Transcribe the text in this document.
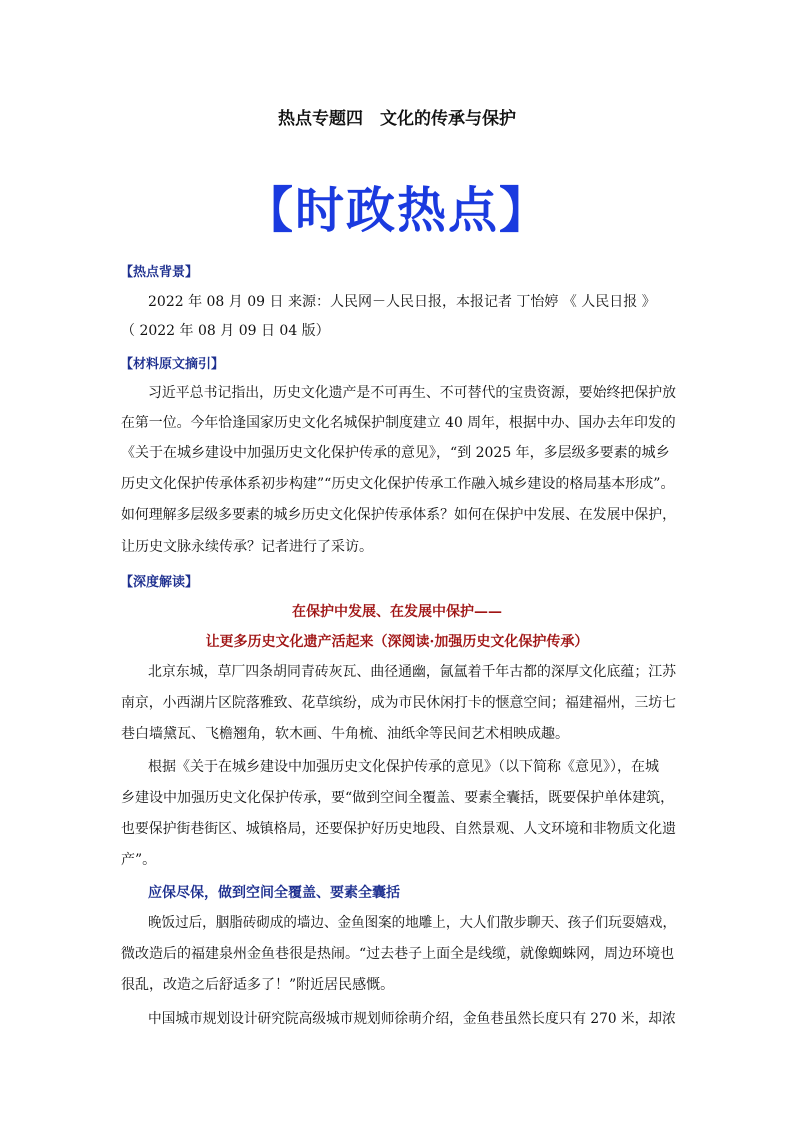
热点专题四　文化的传承与保护
【时政热点】
【热点背景】
2022 年 08 月 09 日 来源：人民网－人民日报，本报记者 丁怡婷 《 人民日报 》
（ 2022 年 08 月 09 日 04 版）
【材料原文摘引】
习近平总书记指出，历史文化遗产是不可再生、不可替代的宝贵资源，要始终把保护放
在第一位。今年恰逢国家历史文化名城保护制度建立 40 周年，根据中办、国办去年印发的
《关于在城乡建设中加强历史文化保护传承的意见》，“到 2025 年，多层级多要素的城乡
历史文化保护传承体系初步构建”“历史文化保护传承工作融入城乡建设的格局基本形成”。
如何理解多层级多要素的城乡历史文化保护传承体系？如何在保护中发展、在发展中保护，
让历史文脉永续传承？记者进行了采访。
【深度解读】
在保护中发展、在发展中保护——
让更多历史文化遗产活起来（深阅读·加强历史文化保护传承）
北京东城，草厂四条胡同青砖灰瓦、曲径通幽，氤氲着千年古都的深厚文化底蕴；江苏
南京，小西湖片区院落雅致、花草缤纷，成为市民休闲打卡的惬意空间；福建福州，三坊七
巷白墙黛瓦、飞檐翘角，软木画、牛角梳、油纸伞等民间艺术相映成趣。
根据《关于在城乡建设中加强历史文化保护传承的意见》（以下简称《意见》），在城
乡建设中加强历史文化保护传承，要“做到空间全覆盖、要素全囊括，既要保护单体建筑，
也要保护街巷街区、城镇格局，还要保护好历史地段、自然景观、人文环境和非物质文化遗
产”。
应保尽保，做到空间全覆盖、要素全囊括
晚饭过后，胭脂砖砌成的墙边、金鱼图案的地雕上，大人们散步聊天、孩子们玩耍嬉戏，
微改造后的福建泉州金鱼巷很是热闹。“过去巷子上面全是线缆，就像蜘蛛网，周边环境也
很乱，改造之后舒适多了！”附近居民感慨。
中国城市规划设计研究院高级城市规划师徐萌介绍，金鱼巷虽然长度只有 270 米，却浓
